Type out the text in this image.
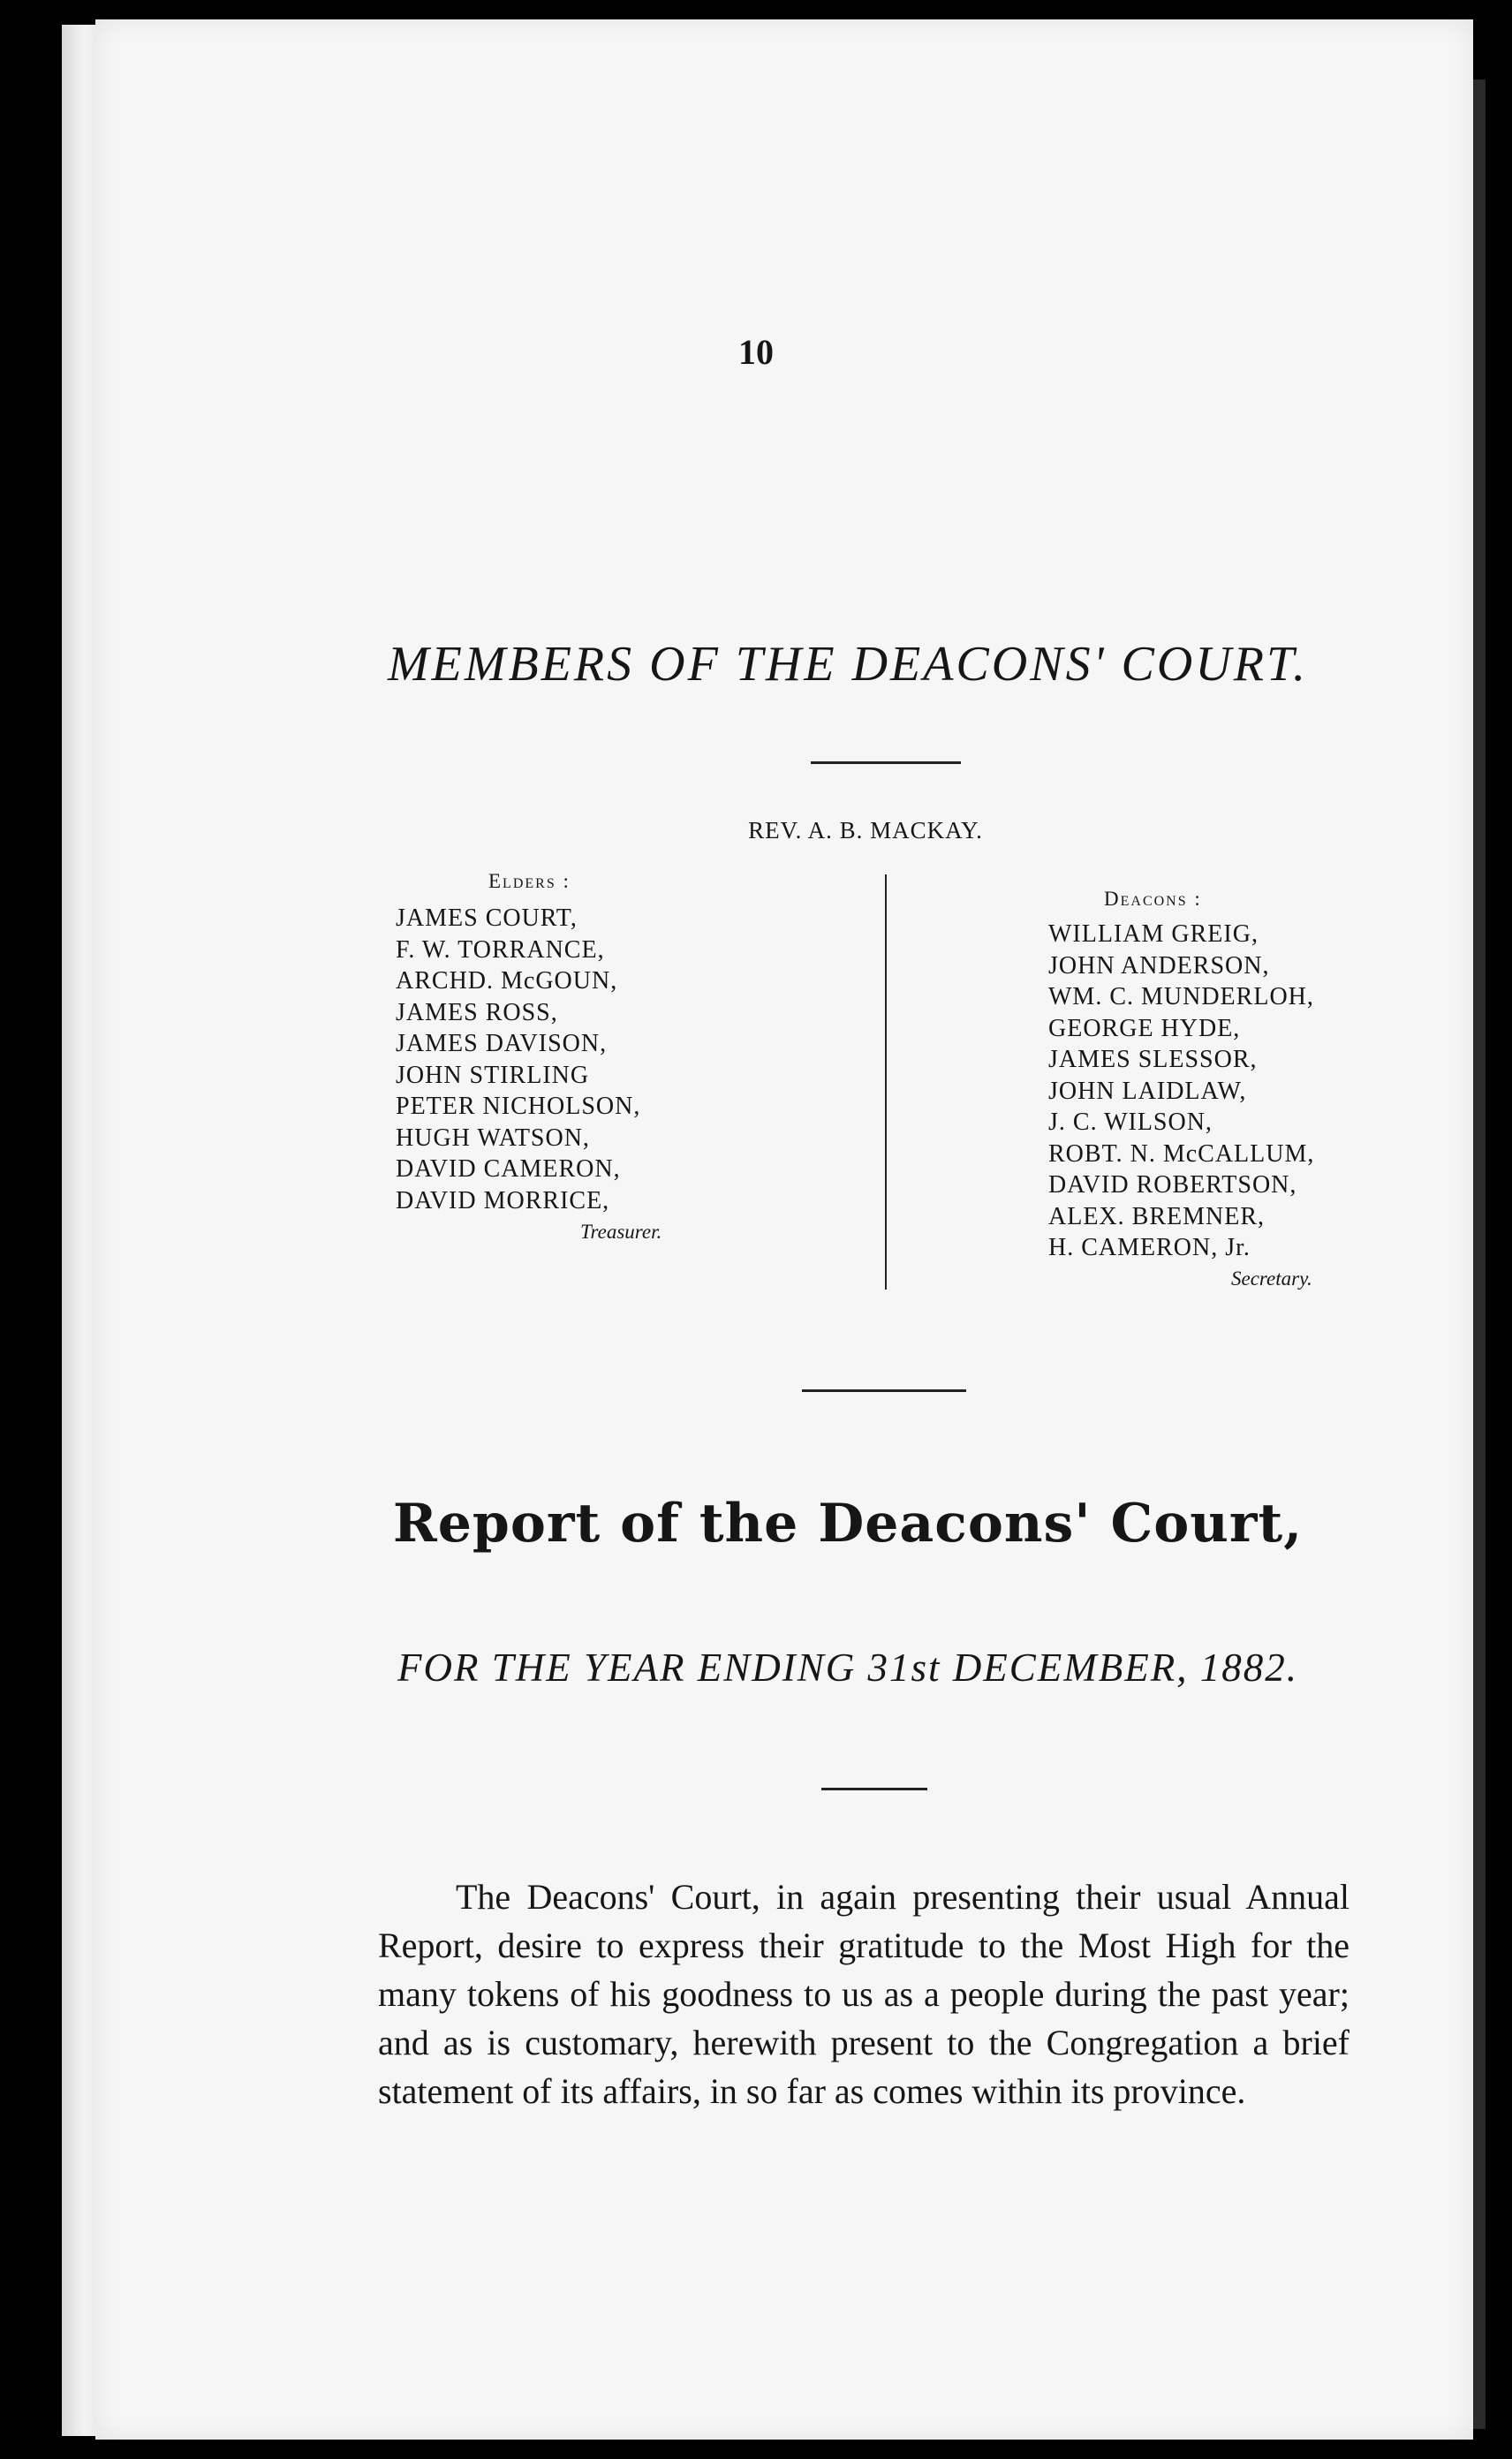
10
MEMBERS OF THE DEACONS' COURT.
REV. A. B. MACKAY.
Elders :
JAMES COURT,
F. W. TORRANCE,
ARCHD. McGOUN,
JAMES ROSS,
JAMES DAVISON,
JOHN STIRLING
PETER NICHOLSON,
HUGH WATSON,
DAVID CAMERON,
DAVID MORRICE,
Treasurer.
Deacons :
WILLIAM GREIG,
JOHN ANDERSON,
WM. C. MUNDERLOH,
GEORGE HYDE,
JAMES SLESSOR,
JOHN LAIDLAW,
J. C. WILSON,
ROBT. N. McCALLUM,
DAVID ROBERTSON,
ALEX. BREMNER,
H. CAMERON, Jr.
Secretary.
Report of the Deacons' Court,
FOR THE YEAR ENDING 31st DECEMBER, 1882.

The Deacons' Court, in again presenting their usual Annual Report, desire to express their gratitude to the Most High for the many tokens of his goodness to us as a people during the past year; and as is customary, herewith present to the Congregation a brief statement of its affairs, in so far as comes within its province.
